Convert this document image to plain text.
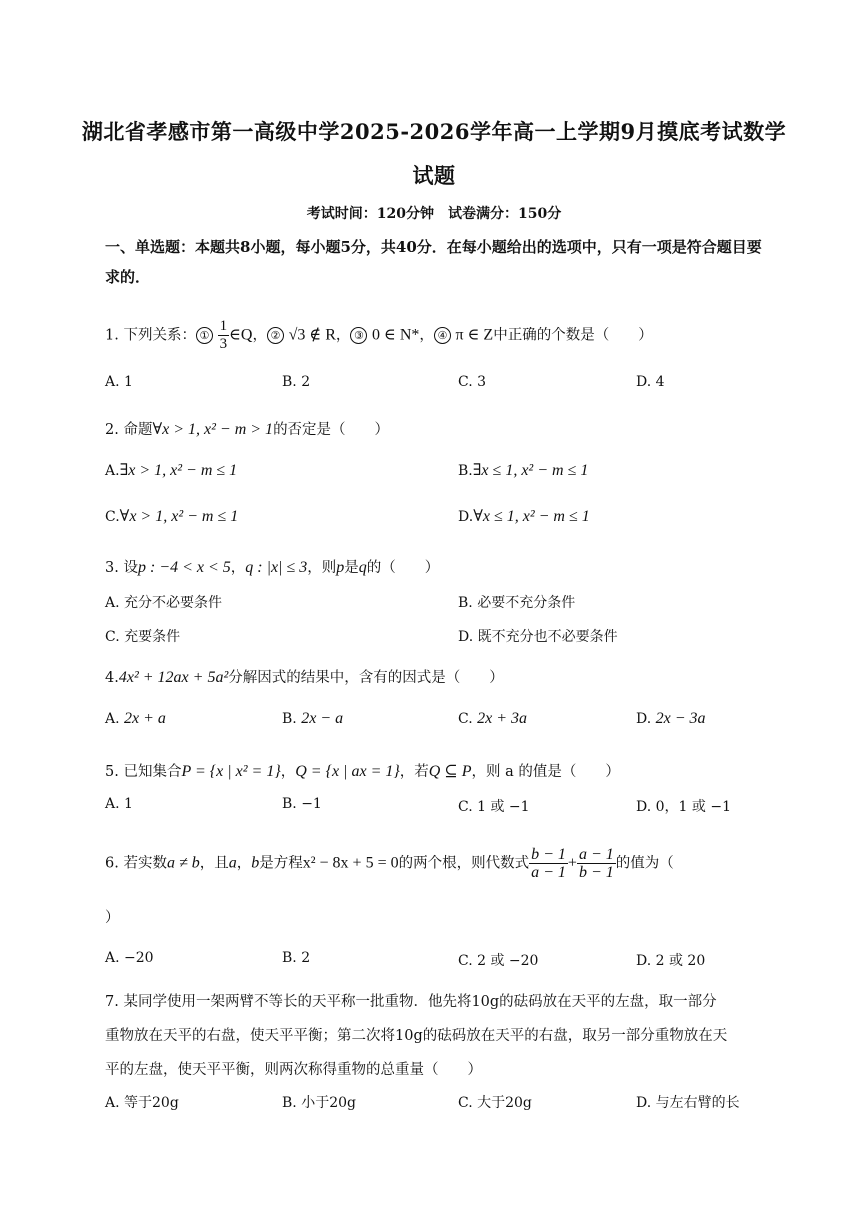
湖北省孝感市第一高级中学2025-2026学年高一上学期9月摸底考试数学
试题
考试时间：120分钟　试卷满分：150分
一、单选题：本题共8小题，每小题5分，共40分．在每小题给出的选项中，只有一项是符合题目要求的．
1. 下列关系： ① $\frac{1}{3}$ ∈Q， ② √3 ∉ R， ③ 0 ∈ N*， ④ π ∈ Z中正确的个数是（　　）
A. 1	B. 2	C. 3	D. 4
2. 命题∀x > 1, x² − m > 1的否定是（　　）
A.∃x > 1, x² − m ≤ 1	B.∃x ≤ 1, x² − m ≤ 1
C.∀x > 1, x² − m ≤ 1	D.∀x ≤ 1, x² − m ≤ 1
3. 设p : −4 < x < 5，q : |x| ≤ 3，则p是q的（　　）
A. 充分不必要条件	B. 必要不充分条件
C. 充要条件	D. 既不充分也不必要条件
4.4x² + 12ax + 5a²分解因式的结果中，含有的因式是（　　）
A. 2x + a	B. 2x − a	C. 2x + 3a	D. 2x − 3a
5. 已知集合P = {x | x² = 1}，Q = {x | ax = 1}，若Q ⊆ P，则 a 的值是（　　）
A. 1	B. −1	C. 1 或 −1	D. 0，1 或 −1
6. 若实数a ≠ b，且a，b是方程x² − 8x + 5 = 0的两个根，则代数式 $\frac{b - 1}{a - 1} + \frac{a - 1}{b - 1}$ 的值为（
）
A. −20	B. 2	C. 2 或 −20	D. 2 或 20
7. 某同学使用一架两臂不等长的天平称一批重物．他先将10g的砝码放在天平的左盘，取一部分
重物放在天平的右盘，使天平平衡；第二次将10g的砝码放在天平的右盘，取另一部分重物放在天
平的左盘，使天平平衡，则两次称得重物的总重量（　　）
A. 等于20g	B. 小于20g	C. 大于20g	D. 与左右臂的长
